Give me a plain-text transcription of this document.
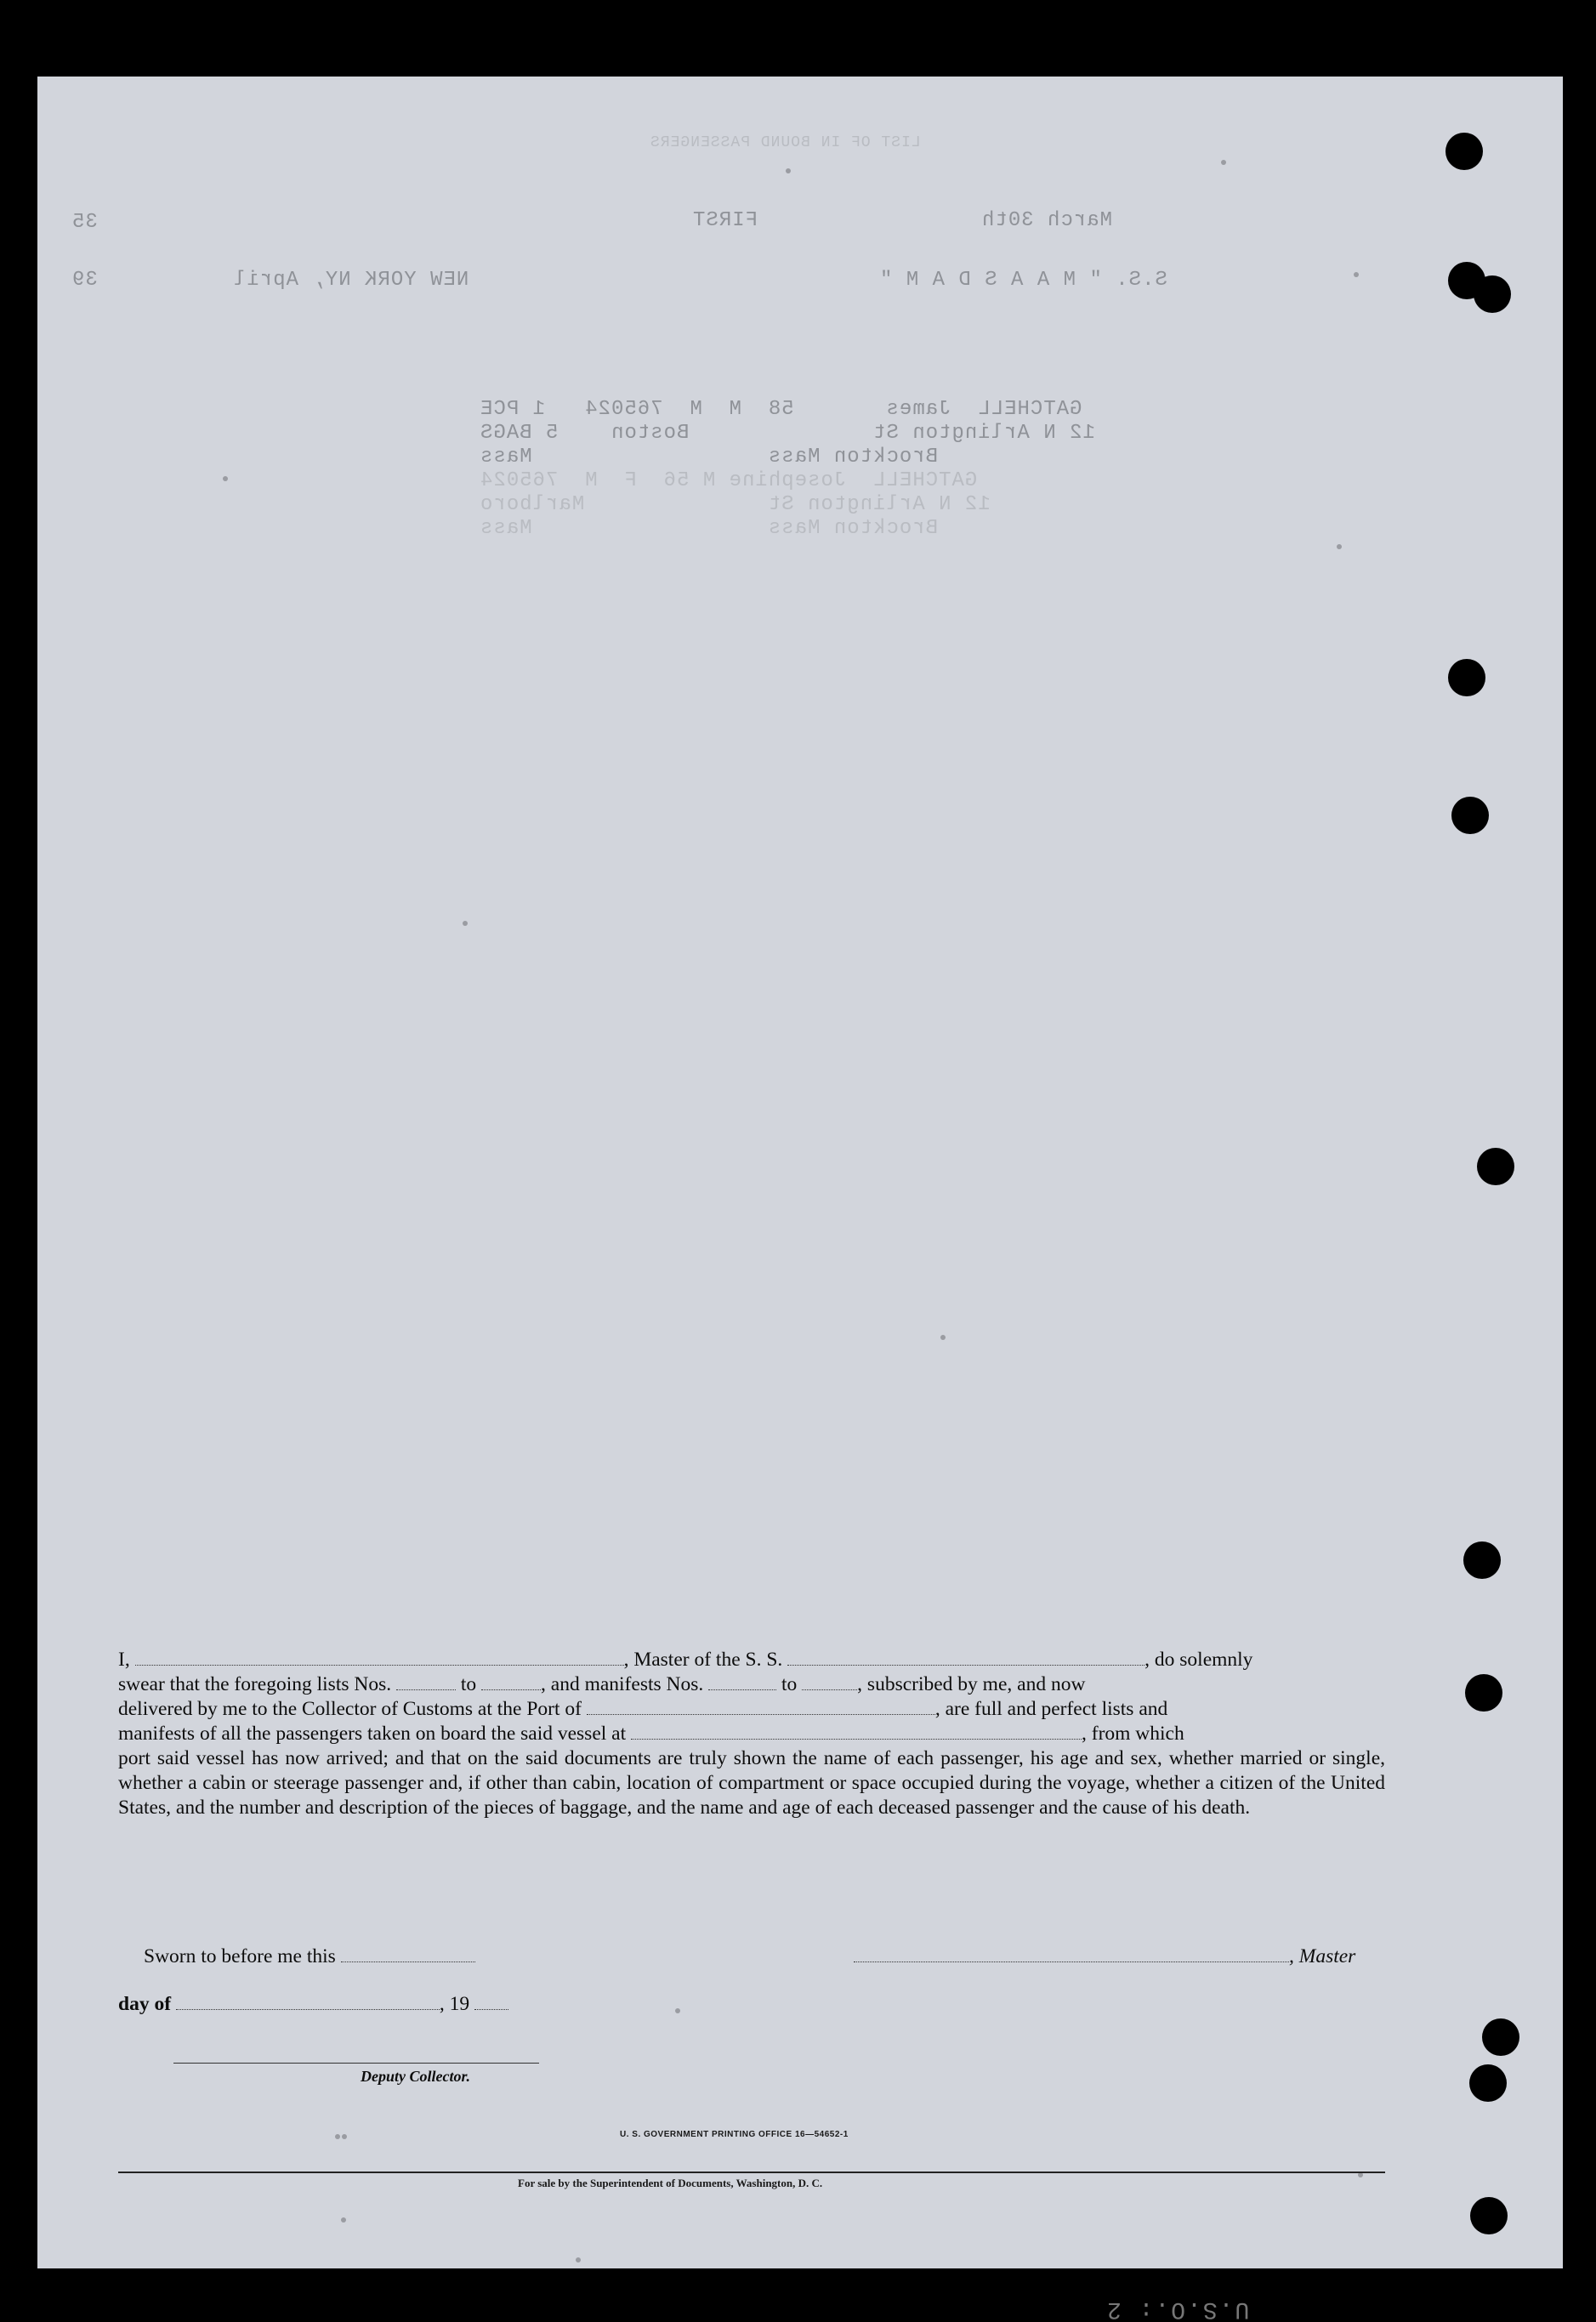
LIST OF IN BOUND PASSENGERS
FIRST	March 30th
35
NEW YORK NY, April
39	S.S. " M A A S D A M "
GATCHELL  James       58  M  M  765024   1 PCE
12 N Arlington St              Boston    5 BAGS
Brockton Mass                  Mass
GATCHELL  Josephine M 56  F  M  765024
12 N Arlington St              Marlboro
Brockton Mass                  Mass

I,	, Master of the S. S.	, do solemnly

swear that the foregoing lists Nos.	to	, and manifests Nos.	to	, subscribed by me, and now

delivered by me to the Collector of Customs at the Port of	, are full and perfect lists and

manifests of all the passengers taken on board the said vessel at	, from which

port said vessel has now arrived; and that on the said documents are truly shown the name of each passenger, his age and sex, whether married or single, whether a cabin or steerage passenger and, if other than cabin, location of compartment or space occupied during the voyage, whether a citizen of the United States, and the number and description of the pieces of baggage, and the name and age of each deceased passenger and the cause of his death.

Sworn to before me this	, Master
day of	, 19
Deputy Collector.
U. S. GOVERNMENT PRINTING OFFICE 16—54652-1
For sale by the Superintendent of Documents, Washington, D. C.
U.S.O.: 2
